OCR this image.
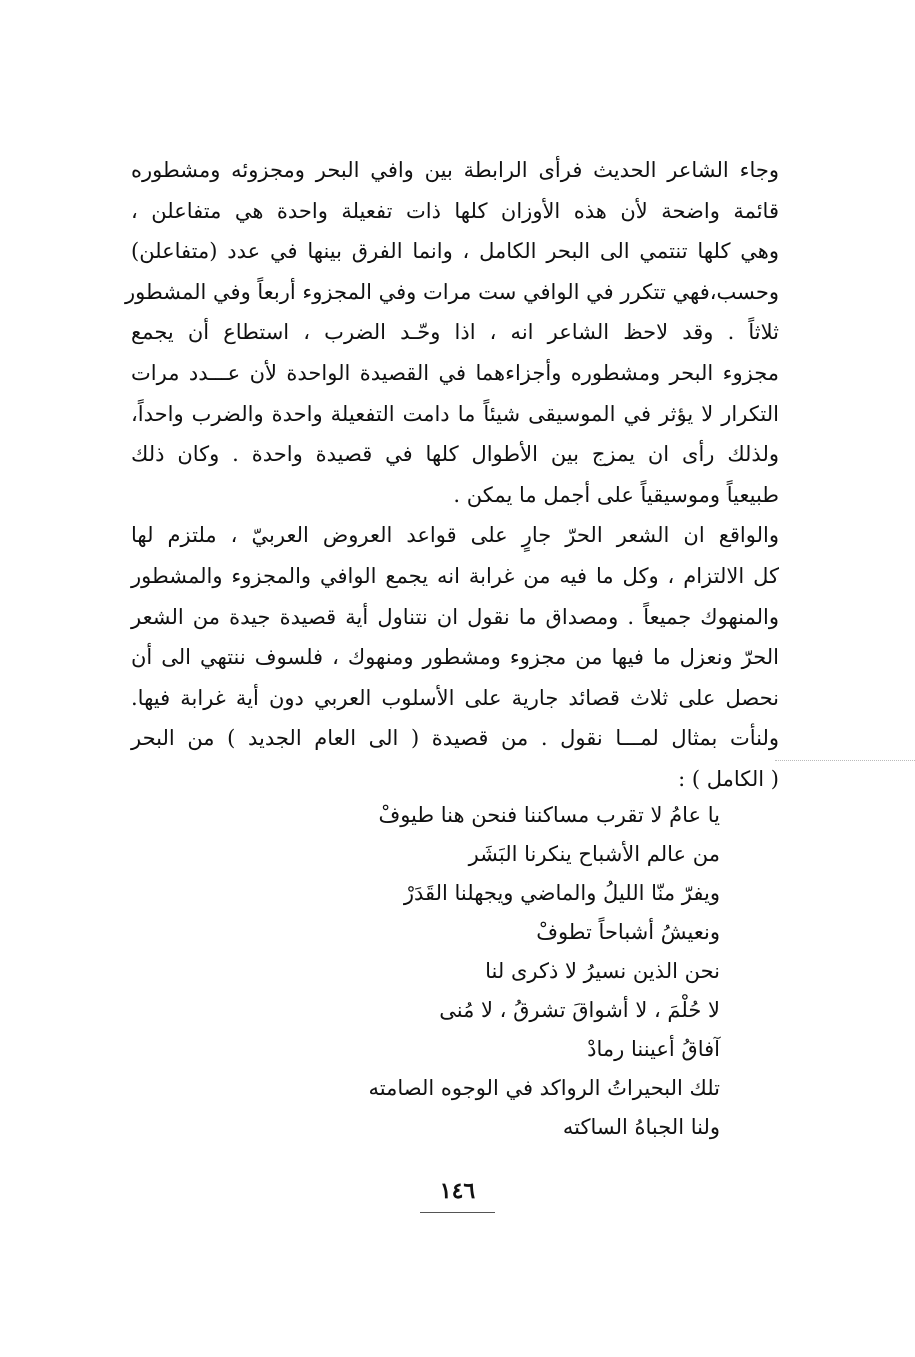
وجاء الشاعر الحديث فرأى الرابطة بين وافي البحر ومجزوئه ومشطوره
قائمة واضحة لأن هذه الأوزان كلها ذات تفعيلة واحدة هي متفاعلن ،
وهي كلها تنتمي الى البحر الكامل ، وانما الفرق بينها في عدد (متفاعلن)
وحسب،فهي تتكرر في الوافي ست مرات وفي المجزوء أربعاً وفي المشطور
ثلاثاً . وقد لاحظ الشاعر انه ، اذا وحّـد الضرب ، استطاع أن يجمع
مجزوء البحر ومشطوره وأجزاءهما في القصيدة الواحدة لأن عـــدد مرات
التكرار لا يؤثر في الموسيقى شيئاً ما دامت التفعيلة واحدة والضرب واحداً،
ولذلك رأى ان يمزج بين الأطوال كلها في قصيدة واحدة . وكان ذلك
طبيعياً وموسيقياً على أجمل ما يمكن .

والواقع ان الشعر الحرّ جارٍ على قواعد العروض العربيّ ، ملتزم لها
كل الالتزام ، وكل ما فيه من غرابة انه يجمع الوافي والمجزوء والمشطور
والمنهوك جميعاً . ومصداق ما نقول ان نتناول أية قصيدة جيدة من الشعر
الحرّ ونعزل ما فيها من مجزوء ومشطور ومنهوك ، فلسوف ننتهي الى أن
نحصل على ثلاث قصائد جارية على الأسلوب العربي دون أية غرابة فيها.
ولنأت بمثال لمـــا نقول . من قصيدة ( الى العام الجديد ) من البحر
( الكامل ) :

يا عامُ لا تقرب مساكننا فنحن هنا طيوفْ
من عالم الأشباح ينكرنا البَشَر
ويفرّ منّا الليلُ والماضي ويجهلنا القَدَرْ
ونعيشُ أشباحاً تطوفْ
نحن الذين نسيرُ لا ذكرى لنا
لا حُلْمَ ، لا أشواقَ تشرقُ ، لا مُنى
آفاقُ أعيننا رمادْ
تلك البحيراتُ الرواكد في الوجوه الصامته
ولنا الجباهُ الساكته
١٤٦
